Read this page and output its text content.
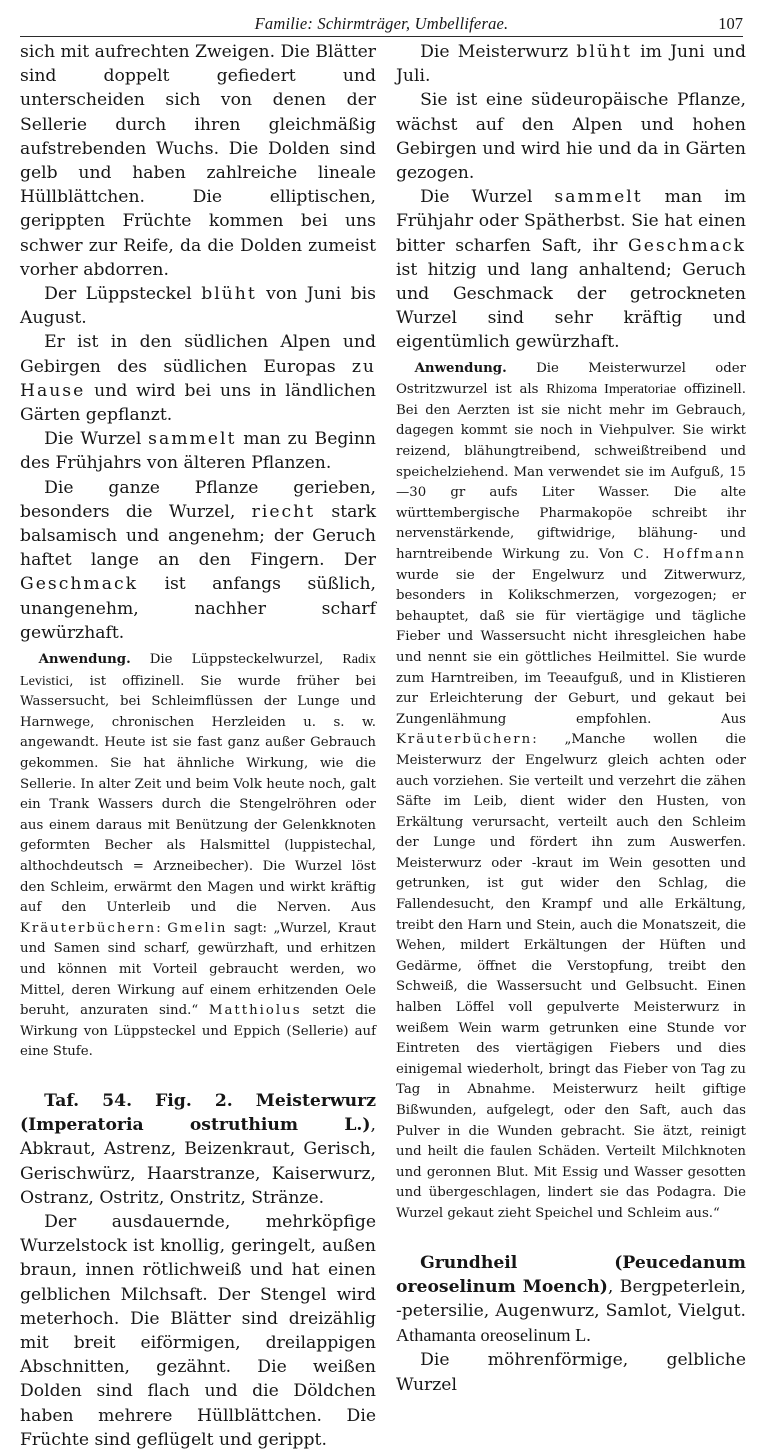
Familie: Schirmträger, Umbelliferae.	107

sich mit aufrechten Zweigen. Die Blätter sind doppelt gefiedert und unterscheiden sich von denen der Sellerie durch ihren gleichmäßig aufstrebenden Wuchs. Die Dolden sind gelb und haben zahlreiche lineale Hüllblättchen. Die elliptischen, gerippten Früchte kommen bei uns schwer zur Reife, da die Dolden zumeist vorher abdorren.

Der Lüppsteckel blüht von Juni bis August.

Er ist in den südlichen Alpen und Gebirgen des südlichen Europas zu Hause und wird bei uns in ländlichen Gärten gepflanzt.

Die Wurzel sammelt man zu Beginn des Frühjahrs von älteren Pflanzen.

Die ganze Pflanze gerieben, besonders die Wurzel, riecht stark balsamisch und angenehm; der Geruch haftet lange an den Fingern. Der Geschmack ist anfangs süßlich, unangenehm, nachher scharf gewürzhaft.

Anwendung. Die Lüppsteckelwurzel, Radix Levistici, ist offizinell. Sie wurde früher bei Wassersucht, bei Schleimflüssen der Lunge und Harnwege, chronischen Herzleiden u. s. w. angewandt. Heute ist sie fast ganz außer Gebrauch gekommen. Sie hat ähnliche Wirkung, wie die Sellerie. In alter Zeit und beim Volk heute noch, galt ein Trank Wassers durch die Stengelröhren oder aus einem daraus mit Benützung der Gelenkknoten geformten Becher als Halsmittel (luppistechal, althochdeutsch = Arzneibecher). Die Wurzel löst den Schleim, erwärmt den Magen und wirkt kräftig auf den Unterleib und die Nerven. Aus Kräuterbüchern: Gmelin sagt: „Wurzel, Kraut und Samen sind scharf, gewürzhaft, und erhitzen und können mit Vorteil gebraucht werden, wo Mittel, deren Wirkung auf einem erhitzenden Oele beruht, anzuraten sind.“ Matthiolus setzt die Wirkung von Lüppsteckel und Eppich (Sellerie) auf eine Stufe.

Taf. 54. Fig. 2. Meisterwurz (Imperatoria ostruthium L.), Abkraut, Astrenz, Beizenkraut, Gerisch, Gerischwürz, Haarstranze, Kaiserwurz, Ostranz, Ostritz, Onstritz, Stränze.

Der ausdauernde, mehrköpfige Wurzelstock ist knollig, geringelt, außen braun, innen rötlichweiß und hat einen gelblichen Milchsaft. Der Stengel wird meterhoch. Die Blätter sind dreizählig mit breit eiförmigen, dreilappigen Abschnitten, gezähnt. Die weißen Dolden sind flach und die Döldchen haben mehrere Hüllblättchen. Die Früchte sind geflügelt und gerippt.

Die Meisterwurz blüht im Juni und Juli.

Sie ist eine südeuropäische Pflanze, wächst auf den Alpen und hohen Gebirgen und wird hie und da in Gärten gezogen.

Die Wurzel sammelt man im Frühjahr oder Spätherbst. Sie hat einen bitter scharfen Saft, ihr Geschmack ist hitzig und lang anhaltend; Geruch und Geschmack der getrockneten Wurzel sind sehr kräftig und eigentümlich gewürzhaft.

Anwendung. Die Meisterwurzel oder Ostritzwurzel ist als Rhizoma Imperatoriae offizinell. Bei den Aerzten ist sie nicht mehr im Gebrauch, dagegen kommt sie noch in Viehpulver. Sie wirkt reizend, blähungtreibend, schweißtreibend und speichelziehend. Man verwendet sie im Aufguß, 15—30 gr aufs Liter Wasser. Die alte württembergische Pharmakopöe schreibt ihr nervenstärkende, giftwidrige, blähung- und harntreibende Wirkung zu. Von C. Hoffmann wurde sie der Engelwurz und Zitwerwurz, besonders in Kolikschmerzen, vorgezogen; er behauptet, daß sie für viertägige und tägliche Fieber und Wassersucht nicht ihresgleichen habe und nennt sie ein göttliches Heilmittel. Sie wurde zum Harntreiben, im Teeaufguß, und in Klistieren zur Erleichterung der Geburt, und gekaut bei Zungenlähmung empfohlen. Aus Kräuterbüchern: „Manche wollen die Meisterwurz der Engelwurz gleich achten oder auch vorziehen. Sie verteilt und verzehrt die zähen Säfte im Leib, dient wider den Husten, von Erkältung verursacht, verteilt auch den Schleim der Lunge und fördert ihn zum Auswerfen. Meisterwurz oder -kraut im Wein gesotten und getrunken, ist gut wider den Schlag, die Fallendesucht, den Krampf und alle Erkältung, treibt den Harn und Stein, auch die Monatszeit, die Wehen, mildert Erkältungen der Hüften und Gedärme, öffnet die Verstopfung, treibt den Schweiß, die Wassersucht und Gelbsucht. Einen halben Löffel voll gepulverte Meisterwurz in weißem Wein warm getrunken eine Stunde vor Eintreten des viertägigen Fiebers und dies einigemal wiederholt, bringt das Fieber von Tag zu Tag in Abnahme. Meisterwurz heilt giftige Bißwunden, aufgelegt, oder den Saft, auch das Pulver in die Wunden gebracht. Sie ätzt, reinigt und heilt die faulen Schäden. Verteilt Milchknoten und geronnen Blut. Mit Essig und Wasser gesotten und übergeschlagen, lindert sie das Podagra. Die Wurzel gekaut zieht Speichel und Schleim aus.“

Grundheil (Peucedanum oreoselinum Moench), Bergpeterlein, -petersilie, Augenwurz, Samlot, Vielgut. Athamanta oreoselinum L.

Die möhrenförmige, gelbliche Wurzel
